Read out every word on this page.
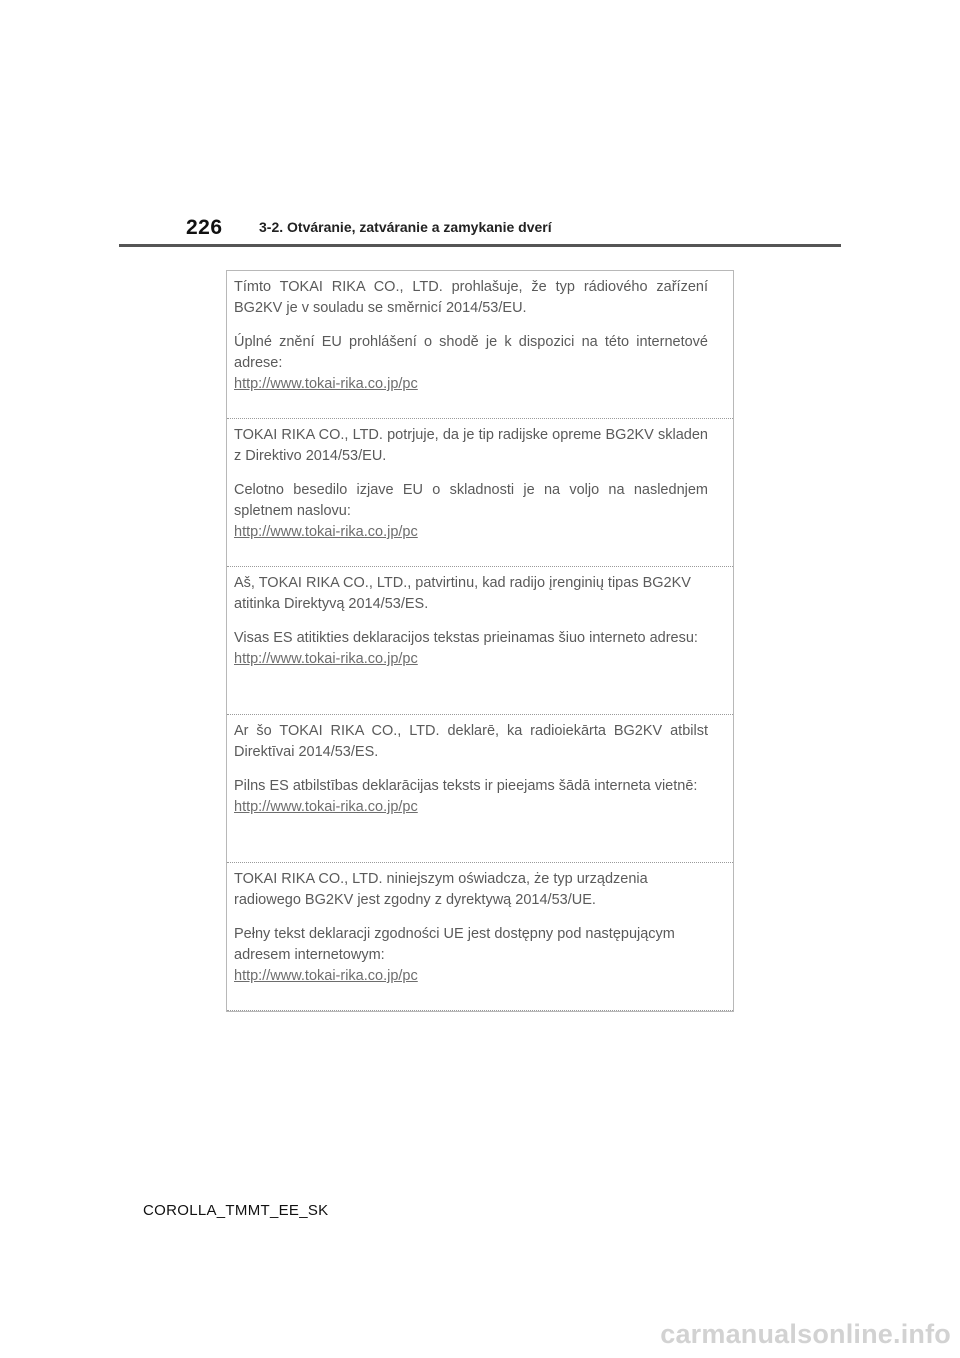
226	3-2. Otváranie, zatváranie a zamykanie dverí

Tímto TOKAI RIKA CO., LTD. prohlašuje, že typ rádiového zařízení BG2KV je v souladu se směrnicí 2014/53/EU.

Úplné znění EU prohlášení o shodě je k dispozici na této internetové adrese:

http://www.tokai-rika.co.jp/pc

TOKAI RIKA CO., LTD. potrjuje, da je tip radijske opreme BG2KV skladen z Direktivo 2014/53/EU.

Celotno besedilo izjave EU o skladnosti je na voljo na naslednjem spletnem naslovu:

http://www.tokai-rika.co.jp/pc

Aš, TOKAI RIKA CO., LTD., patvirtinu, kad radijo įrenginių tipas BG2KV atitinka Direktyvą 2014/53/ES.

Visas ES atitikties deklaracijos tekstas prieinamas šiuo interneto adresu:

http://www.tokai-rika.co.jp/pc

Ar šo TOKAI RIKA CO., LTD. deklarē, ka radioiekārta BG2KV atbilst Direktīvai 2014/53/ES.

Pilns ES atbilstības deklarācijas teksts ir pieejams šādā interneta vietnē:

http://www.tokai-rika.co.jp/pc

TOKAI RIKA CO., LTD. niniejszym oświadcza, że typ urządzenia radiowego BG2KV jest zgodny z dyrektywą 2014/53/UE.

Pełny tekst deklaracji zgodności UE jest dostępny pod następującym adresem internetowym:

http://www.tokai-rika.co.jp/pc
COROLLA_TMMT_EE_SK
carmanualsonline.info
